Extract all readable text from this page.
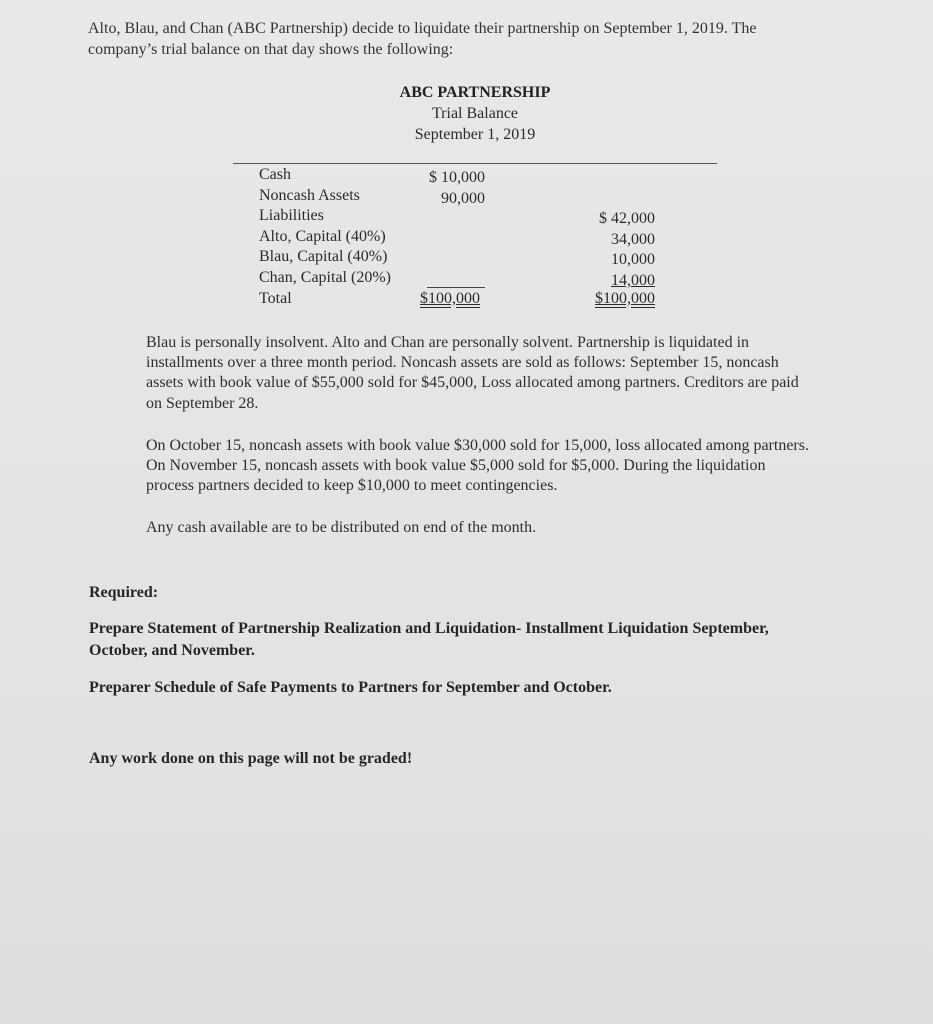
Alto, Blau, and Chan (ABC Partnership) decide to liquidate their partnership on September 1, 2019. The
company’s trial balance on that day shows the following:
ABC PARTNERSHIP
Trial Balance
September 1, 2019
Cash
Noncash Assets
Liabilities
Alto, Capital (40%)
Blau, Capital (40%)
Chan, Capital (20%)
Total
$ 10,000
90,000
$ 42,000
34,000
10,000
14,000
$100,000	$100,000
Blau is personally insolvent. Alto and Chan are personally solvent. Partnership is liquidated in
installments over a three month period. Noncash assets are sold as follows: September 15, noncash
assets with book value of $55,000 sold for $45,000, Loss allocated among partners. Creditors are paid
on September 28.
On October 15, noncash assets with book value $30,000 sold for 15,000, loss allocated among partners.
On November 15, noncash assets with book value $5,000 sold for $5,000. During the liquidation
process partners decided to keep $10,000 to meet contingencies.
Any cash available are to be distributed on end of the month.
Required:
Prepare Statement of Partnership Realization and Liquidation- Installment Liquidation September,
October, and November.
Preparer Schedule of Safe Payments to Partners for September and October.
Any work done on this page will not be graded!
